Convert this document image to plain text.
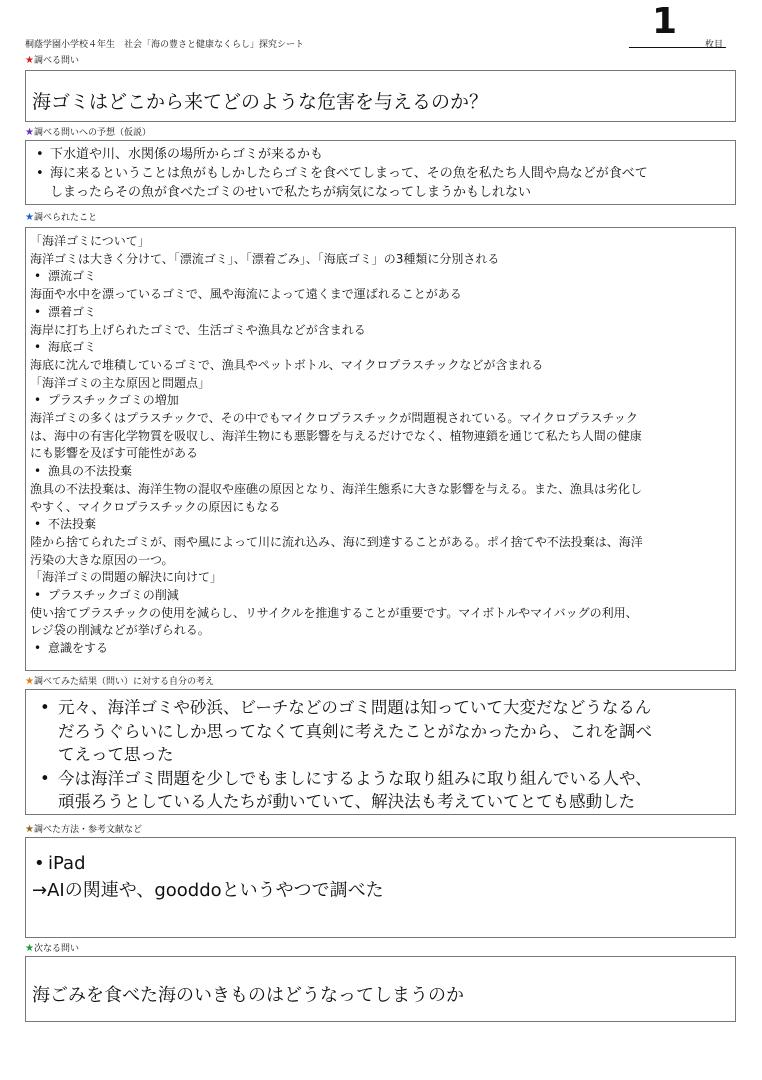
桐蔭学園小学校４年生　社会「海の豊さと健康なくらし」探究シート
1
枚目
★調べる問い
海ゴミはどこから来てどのような危害を与えるのか？
★調べる問いへの予想（仮説）
• 下水道や川、水関係の場所からゴミが来るかも
• 海に来るということは魚がもしかしたらゴミを食べてしまって、その魚を私たち人間や鳥などが食べて
しまったらその魚が食べたゴミのせいで私たちが病気になってしまうかもしれない
★調べられたこと
「海洋ゴミについて」
海洋ゴミは大きく分けて、「漂流ゴミ」、「漂着ごみ」、「海底ゴミ」の3種類に分別される
• 漂流ゴミ
海面や水中を漂っているゴミで、風や海流によって遠くまで運ばれることがある
• 漂着ゴミ
海岸に打ち上げられたゴミで、生活ゴミや漁具などが含まれる
• 海底ゴミ
海底に沈んで堆積しているゴミで、漁具やペットボトル、マイクロプラスチックなどが含まれる
「海洋ゴミの主な原因と問題点」
• プラスチックゴミの増加
海洋ゴミの多くはプラスチックで、その中でもマイクロプラスチックが問題視されている。マイクロプラスチック
は、海中の有害化学物質を吸収し、海洋生物にも悪影響を与えるだけでなく、植物連鎖を通じて私たち人間の健康
にも影響を及ぼす可能性がある
• 漁具の不法投棄
漁具の不法投棄は、海洋生物の混収や座礁の原因となり、海洋生態系に大きな影響を与える。また、漁具は劣化し
やすく、マイクロプラスチックの原因にもなる
• 不法投棄
陸から捨てられたゴミが、雨や風によって川に流れ込み、海に到達することがある。ポイ捨てや不法投棄は、海洋
汚染の大きな原因の一つ。
「海洋ゴミの問題の解決に向けて」
• プラスチックゴミの削減
使い捨てプラスチックの使用を減らし、リサイクルを推進することが重要です。マイボトルやマイバッグの利用、
レジ袋の削減などが挙げられる。
• 意識をする
★調べてみた結果（問い）に対する自分の考え
• 元々、海洋ゴミや砂浜、ビーチなどのゴミ問題は知っていて大変だなどうなるん
だろうぐらいにしか思ってなくて真剣に考えたことがなかったから、これを調べ
てえって思った
• 今は海洋ゴミ問題を少しでもましにするような取り組みに取り組んでいる人や、
頑張ろうとしている人たちが動いていて、解決法も考えていてとても感動した
★調べた方法・参考文献など
• iPad
→AIの関連や、gooddoというやつで調べた
★次なる問い
海ごみを食べた海のいきものはどうなってしまうのか
